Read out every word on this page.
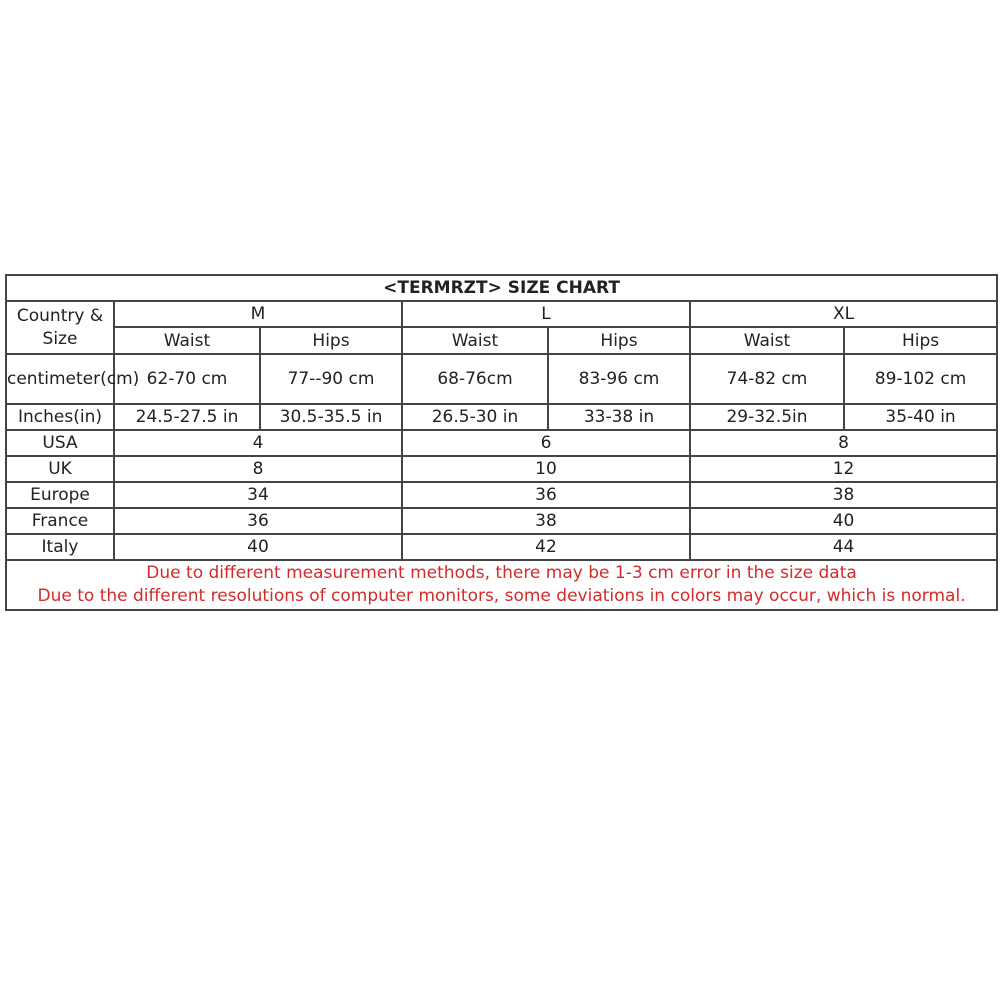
<TERMRZT> SIZE CHART						
Country & Size	M		L		XL	
	Waist	Hips	Waist	Hips	Waist	Hips
centimeter(cm)	62-70 cm	77--90 cm	68-76cm	83-96 cm	74-82 cm	89-102 cm
Inches(in)	24.5-27.5 in	30.5-35.5 in	26.5-30 in	33-38 in	29-32.5in	35-40 in
USA	4		6		8	
UK	8		10		12	
Europe	34		36		38	
France	36		38		40	
Italy	40		42		44	

Due to different measurement methods, there may be 1-3 cm error in the size data
Due to the different resolutions of computer monitors, some deviations in colors may occur, which is normal.						
